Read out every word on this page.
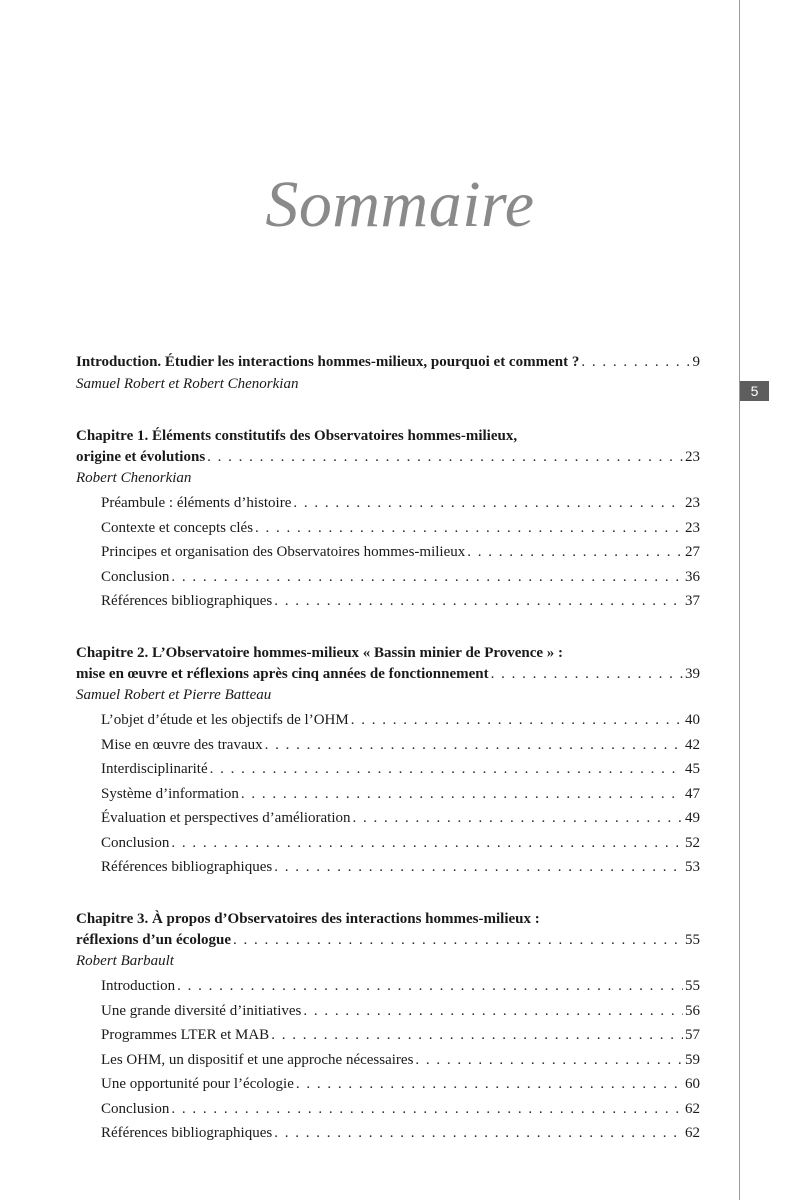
5
Sommaire
Introduction. Étudier les interactions hommes-milieux, pourquoi et comment ? . . .	9
Samuel Robert et Robert Chenorkian
Chapitre 1. Éléments constitutifs des Observatoires hommes-milieux,
origine et évolutions . . .	23
Robert Chenorkian
Préambule : éléments d’histoire . . .	23
Contexte et concepts clés . . .	23
Principes et organisation des Observatoires hommes-milieux . . .	27
Conclusion . . .	36
Références bibliographiques . . .	37
Chapitre 2. L’Observatoire hommes-milieux « Bassin minier de Provence » :
mise en œuvre et réflexions après cinq années de fonctionnement . . .	39
Samuel Robert et Pierre Batteau
L’objet d’étude et les objectifs de l’OHM . . .	40
Mise en œuvre des travaux . . .	42
Interdisciplinarité . . .	45
Système d’information . . .	47
Évaluation et perspectives d’amélioration . . .	49
Conclusion . . .	52
Références bibliographiques . . .	53
Chapitre 3. À propos d’Observatoires des interactions hommes-milieux :
réflexions d’un écologue . . .	55
Robert Barbault
Introduction . . .	55
Une grande diversité d’initiatives . . .	56
Programmes LTER et MAB . . .	57
Les OHM, un dispositif et une approche nécessaires . . .	59
Une opportunité pour l’écologie . . .	60
Conclusion . . .	62
Références bibliographiques . . .	62
